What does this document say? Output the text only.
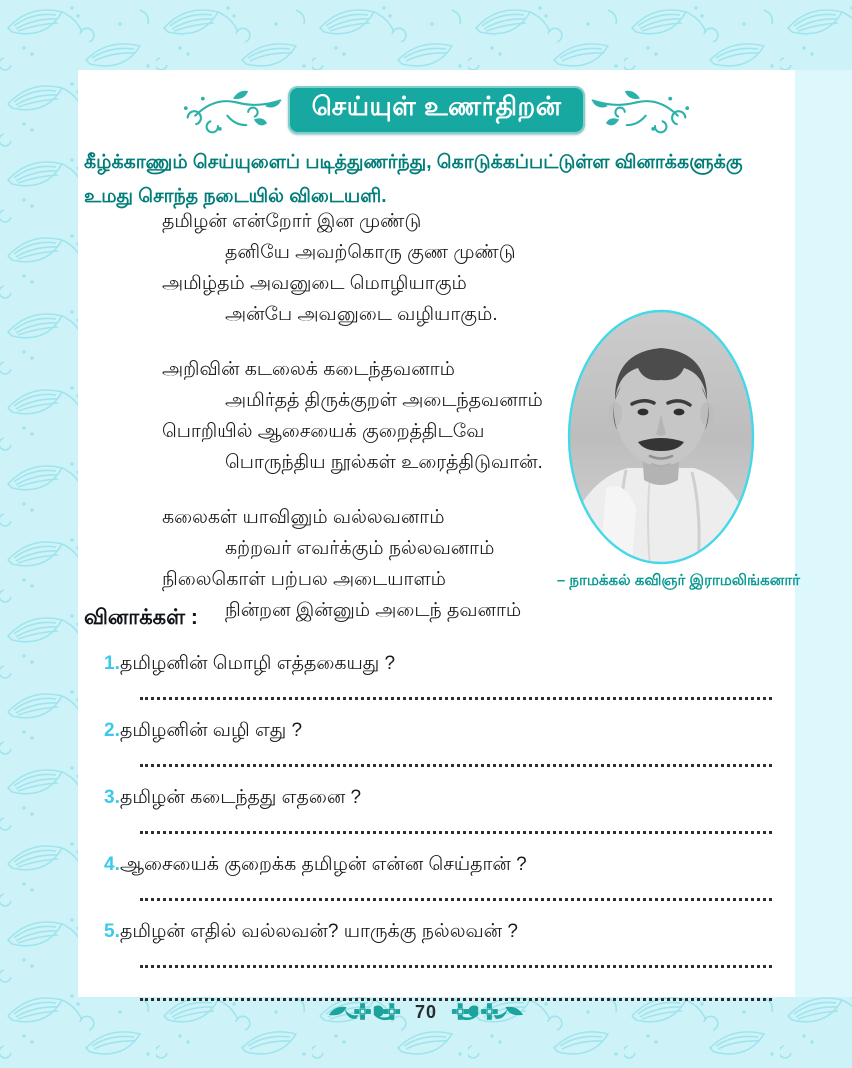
செய்யுள் உணர்திறன்
கீழ்க்காணும் செய்யுளைப் படித்துணர்ந்து, கொடுக்கப்பட்டுள்ள வினாக்களுக்கு
உமது சொந்த நடையில் விடையளி.
தமிழன் என்றோர் இன முண்டு
தனியே அவற்கொரு குண முண்டு
அமிழ்தம் அவனுடை மொழியாகும்
அன்பே அவனுடை வழியாகும்.
அறிவின் கடலைக் கடைந்தவனாம்
அமிர்தத் திருக்குறள் அடைந்தவனாம்
பொறியில் ஆசையைக் குறைத்திடவே
பொருந்திய நூல்கள் உரைத்திடுவான்.
கலைகள் யாவினும் வல்லவனாம்
கற்றவர் எவர்க்கும் நல்லவனாம்
நிலைகொள் பற்பல அடையாளம்
நின்றன இன்னும் அடைந் தவனாம்
– நாமக்கல் கவிஞர் இராமலிங்கனார்
வினாக்கள் :
1. தமிழனின் மொழி எத்தகையது ?
2. தமிழனின் வழி எது ?
3. தமிழன் கடைந்தது எதனை ?
4. ஆசையைக் குறைக்க தமிழன் என்ன செய்தான் ?
5. தமிழன் எதில் வல்லவன்? யாருக்கு நல்லவன் ?
70
